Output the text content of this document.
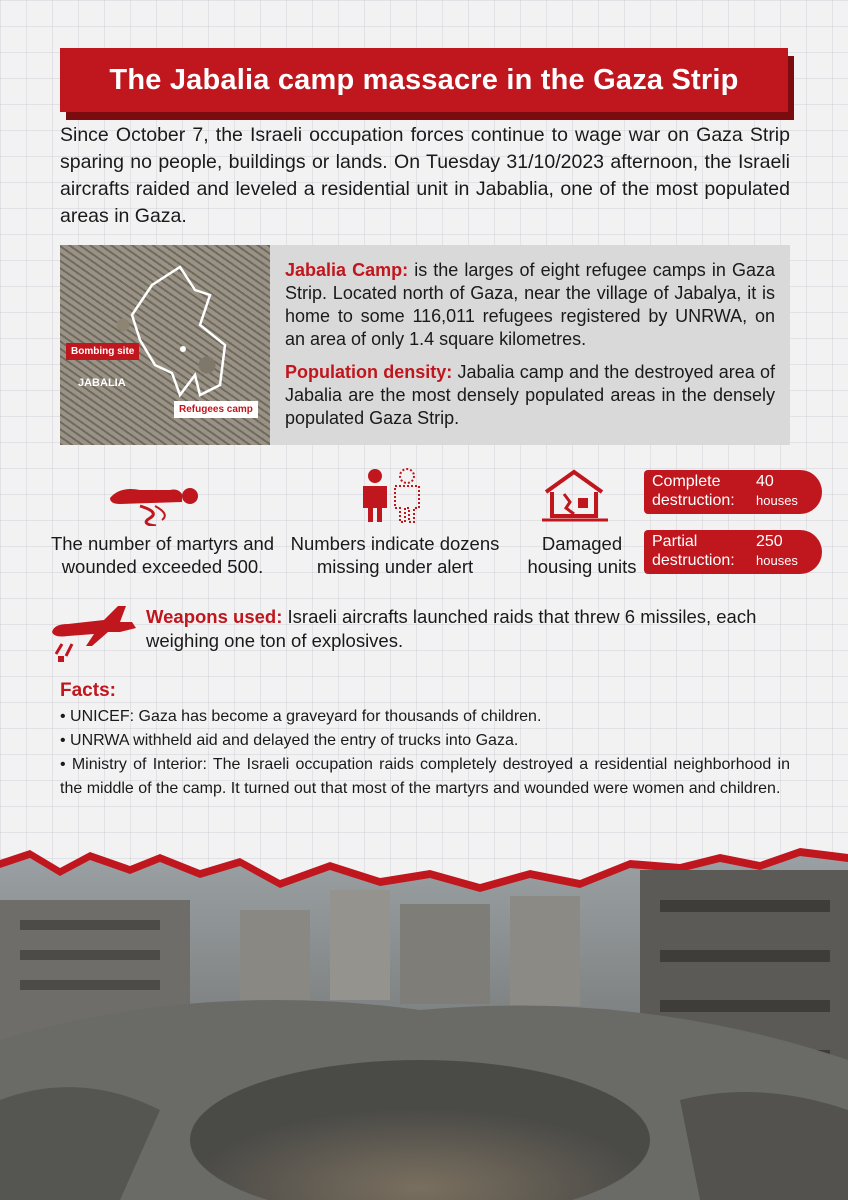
The Jabalia camp massacre in the Gaza Strip
Since October 7, the Israeli occupation forces continue to wage war on Gaza Strip sparing no people, buildings or lands. On Tuesday 31/10/2023 afternoon, the Israeli aircrafts raided and leveled a residential unit in Jabablia, one of the most populated areas in Gaza.
Bombing site
JABALIA
Refugees camp

Jabalia Camp: is the larges of eight refugee camps in Gaza Strip. Located north of Gaza, near the village of Jabalya, it is home to some 116,011 refugees registered by UNRWA, on an area of only 1.4 square kilometres.

Population density: Jabalia camp and the destroyed area of Jabalia are the most densely populated areas in the densely populated Gaza Strip.

The number of martyrs and wounded exceeded 500.
Numbers indicate dozens missing under alert
Damaged housing units
Complete destruction:
40
houses
Partial destruction:
250
houses
Weapons used: Israeli aircrafts launched raids that threw 6 missiles, each weighing one ton of explosives.
Facts:
• UNICEF: Gaza has become a graveyard for thousands of children.
• UNRWA withheld aid and delayed the entry of trucks into Gaza.
• Ministry of Interior: The Israeli occupation raids completely destroyed a residential neighborhood in the middle of the camp. It turned out that most of the martyrs and wounded were women and children.
